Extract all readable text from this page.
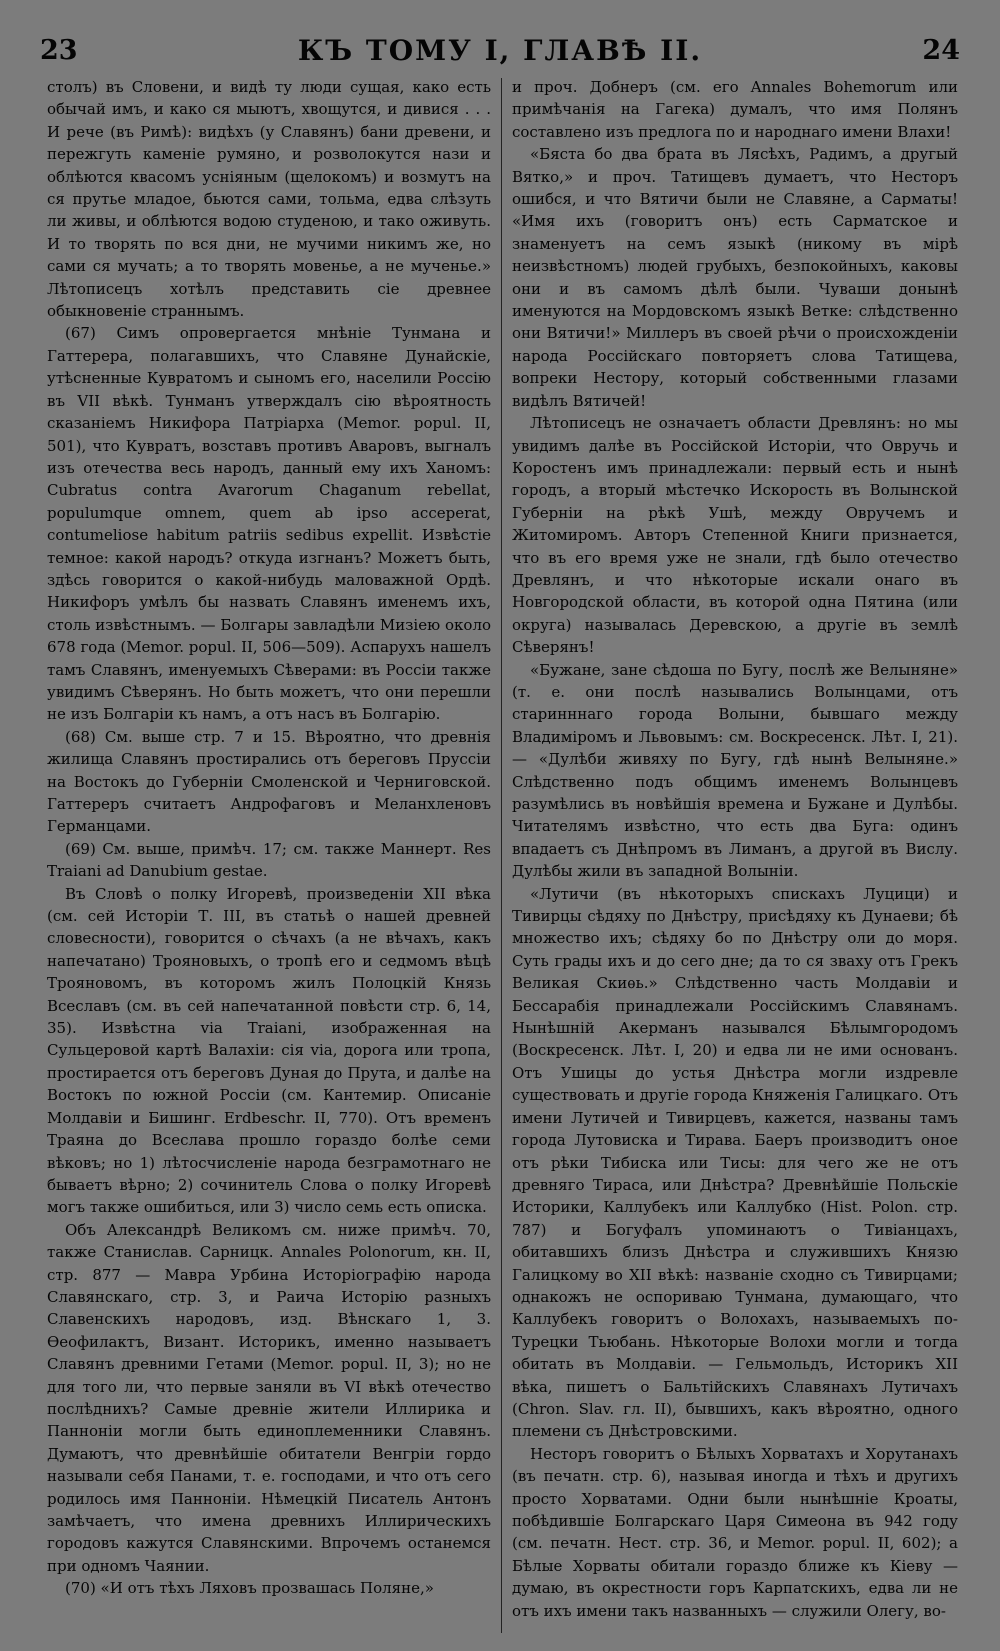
23	КЪ ТОМУ I, ГЛАВѢ II.	24

столъ) въ Словени, и видѣ ту люди сущая, како есть обычай имъ, и како ся мыютъ, хвощутся, и дивися . . . И рече (въ Римѣ): видѣхъ (у Славянъ) бани древени, и пережгуть каменіе румяно, и розволокутся нази и облѣются квасомъ уснiяным (щелокомъ) и возмутъ на ся прутье младое, бьются сами, тольма, едва слѣзуть ли живы, и облѣются водою студеною, и тако оживуть. И то творять по вся дни, не мучими никимъ же, но сами ся мучать; а то творять мовенье, а не мученье.» Лѣтописецъ хотѣлъ представить сіе древнее обыкновеніе страннымъ.

(67) Симъ опровергается мнѣніе Тунмана и Гаттерера, полагавшихъ, что Славяне Дунайскіе, утѣсненные Кувратомъ и сыномъ его, населили Россію въ VII вѣкѣ. Тунманъ утверждалъ сію вѣроятность сказаніемъ Никифора Патріарха (Memor. popul. II, 501), что Кувратъ, возставъ противъ Аваровъ, выгналъ изъ отечества весь народъ, данный ему ихъ Ханомъ: Cubratus contra Avarorum Chaganum rebellat, populumque omnem, quem ab ipso acceperat, contumeliose habitum patriis sedibus expellit. Извѣстіе темное: какой народъ? откуда изгнанъ? Можетъ быть, здѣсь говорится о какой-нибудь маловажной Ордѣ. Никифоръ умѣлъ бы назвать Славянъ именемъ ихъ, столь извѣстнымъ. — Болгары завладѣли Мизіею около 678 года (Memor. popul. II, 506—509). Аспарухъ нашелъ тамъ Славянъ, именуемыхъ Сѣверами: въ Россіи также увидимъ Сѣверянъ. Но быть можетъ, что они перешли не изъ Болгаріи къ намъ, а отъ насъ въ Болгарію.

(68) См. выше стр. 7 и 15. Вѣроятно, что древнія жилища Славянъ простирались отъ береговъ Пруссіи на Востокъ до Губерніи Смоленской и Черниговской. Гаттереръ считаетъ Андрофаговъ и Меланхленовъ Германцами.

(69) См. выше, примѣч. 17; см. также Маннерт. Res Traiani ad Danubium gestae.

Въ Словѣ о полку Игоревѣ, произведеніи XII вѣка (см. сей Исторіи Т. III, въ статьѣ о нашей древней словесности), говорится о сѣчахъ (а не вѣчахъ, какъ напечатано) Трояновыхъ, о тропѣ его и седмомъ вѣцѣ Трояновомъ, въ которомъ жилъ Полоцкій Князь Всеславъ (см. въ сей напечатанной повѣсти стр. 6, 14, 35). Извѣстна via Traiani, изображенная на Сульцеровой картѣ Валахіи: сія via, дорога или тропа, простирается отъ береговъ Дуная до Прута, и далѣе на Востокъ по южной Россіи (см. Кантемир. Описаніе Молдавіи и Бишинг. Erdbeschr. II, 770). Отъ временъ Траяна до Всеслава прошло гораздо болѣе семи вѣковъ; но 1) лѣтосчисленіе народа безграмотнаго не бываетъ вѣрно; 2) сочинитель Слова о полку Игоревѣ могъ также ошибиться, или 3) число семь есть описка.

Объ Александрѣ Великомъ см. ниже примѣч. 70, также Станислав. Сарницк. Annales Polonorum, кн. II, стр. 877 — Мавра Урбина Исторіографію народа Славянскаго, стр. 3, и Раича Исторію разныхъ Славенскихъ народовъ, изд. Вѣнскаго 1, 3. Ѳеофилактъ, Визант. Историкъ, именно называетъ Славянъ древними Гетами (Memor. popul. II, 3); но не для того ли, что первые заняли въ VI вѣкѣ отечество послѣднихъ? Самые древніе жители Иллирика и Панноніи могли быть единоплеменники Славянъ. Думаютъ, что древнѣйшіе обитатели Венгріи гордо называли себя Панами, т. е. господами, и что отъ сего родилось имя Панноніи. Нѣмецкій Писатель Антонъ замѣчаетъ, что имена древнихъ Иллирическихъ городовъ кажутся Славянскими. Впрочемъ останемся при одномъ Чаянии.

(70) «И отъ тѣхъ Ляховъ прозвашась Поляне,»

и проч. Добнеръ (см. его Annales Bohemorum или примѣчанія на Гагека) думалъ, что имя Полянъ составлено изъ предлога по и народнаго имени Влахи!

«Бяста бо два брата въ Лясѣхъ, Радимъ, а другый Вятко,» и проч. Татищевъ думаетъ, что Несторъ ошибся, и что Вятичи были не Славяне, а Сарматы! «Имя ихъ (говоритъ онъ) есть Сарматское и знаменуетъ на семъ языкѣ (никому въ мірѣ неизвѣстномъ) людей грубыхъ, безпокойныхъ, каковы они и въ самомъ дѣлѣ были. Чуваши донынѣ именуются на Мордовскомъ языкѣ Ветке: слѣдственно они Вятичи!» Миллеръ въ своей рѣчи о происхожденіи народа Россійскаго повторяетъ слова Татищева, вопреки Нестору, который собственными глазами видѣлъ Вятичей!

Лѣтописецъ не означаетъ области Древлянъ: но мы увидимъ далѣе въ Россійской Исторіи, что Овручь и Коростенъ имъ принадлежали: первый есть и нынѣ городъ, а вторый мѣстечко Искорость въ Волынской Губерніи на рѣкѣ Ушѣ, между Овручемъ и Житомиромъ. Авторъ Степенной Книги признается, что въ его время уже не знали, гдѣ было отечество Древлянъ, и что нѣкоторые искали онаго въ Новгородской области, въ которой одна Пятина (или округа) называлась Деревскою, а другіе въ землѣ Сѣверянъ!

«Бужане, зане сѣдоша по Бугу, послѣ же Велыняне» (т. е. они послѣ назывались Волынцами, отъ старинннаго города Волыни, бывшаго между Владиміромъ и Львовымъ: см. Воскресенск. Лѣт. I, 21). — «Дулѣби живяху по Бугу, гдѣ нынѣ Велыняне.» Слѣдственно подъ общимъ именемъ Волынцевъ разумѣлись въ новѣйшія времена и Бужане и Дулѣбы. Читателямъ извѣстно, что есть два Буга: одинъ впадаетъ съ Днѣпромъ въ Лиманъ, а другой въ Вислу. Дулѣбы жили въ западной Волыніи.

«Лутичи (въ нѣкоторыхъ спискахъ Луцици) и Тивирцы сѣдяху по Днѣстру, присѣдяху къ Дунаеви; бѣ множество ихъ; сѣдяху бо по Днѣстру оли до моря. Суть грады ихъ и до сего дне; да то ся зваху отъ Грекъ Великая Скиѳь.» Слѣдственно часть Молдавіи и Бессарабія принадлежали Россійскимъ Славянамъ. Нынѣшній Акерманъ назывался Бѣлымгородомъ (Воскресенск. Лѣт. I, 20) и едва ли не ими основанъ. Отъ Ушицы до устья Днѣстра могли издревле существовать и другіе города Княженія Галицкаго. Отъ имени Лутичей и Тивирцевъ, кажется, названы тамъ города Лутовиска и Тирава. Баеръ производитъ оное отъ рѣки Тибиска или Тисы: для чего же не отъ древняго Тираса, или Днѣстра? Древнѣйшіе Польскіе Историки, Каллубекъ или Каллубко (Hist. Polon. стр. 787) и Богуфалъ упоминаютъ о Тивiанцахъ, обитавшихъ близъ Днѣстра и служившихъ Князю Галицкому во XII вѣкѣ: названіе сходно съ Тивирцами; однакожъ не оспориваю Тунмана, думающаго, что Каллубекъ говоритъ о Волохахъ, называемыхъ по-Турецки Тьюбань. Нѣкоторые Волохи могли и тогда обитать въ Молдавіи. — Гельмольдъ, Историкъ XII вѣка, пишетъ о Бальтійскихъ Славянахъ Лутичахъ (Chron. Slav. гл. II), бывшихъ, какъ вѣроятно, одного племени съ Днѣстровскими.

Несторъ говоритъ о Бѣлыхъ Хорватахъ и Хорутанахъ (въ печатн. стр. 6), называя иногда и тѣхъ и другихъ просто Хорватами. Одни были нынѣшніе Кроаты, побѣдившіе Болгарскаго Царя Симеона въ 942 году (см. печатн. Нест. стр. 36, и Memor. popul. II, 602); а Бѣлые Хорваты обитали гораздо ближе къ Кіеву — думаю, въ окрестности горъ Карпатскихъ, едва ли не отъ ихъ имени такъ названныхъ — служили Олегу, во-
